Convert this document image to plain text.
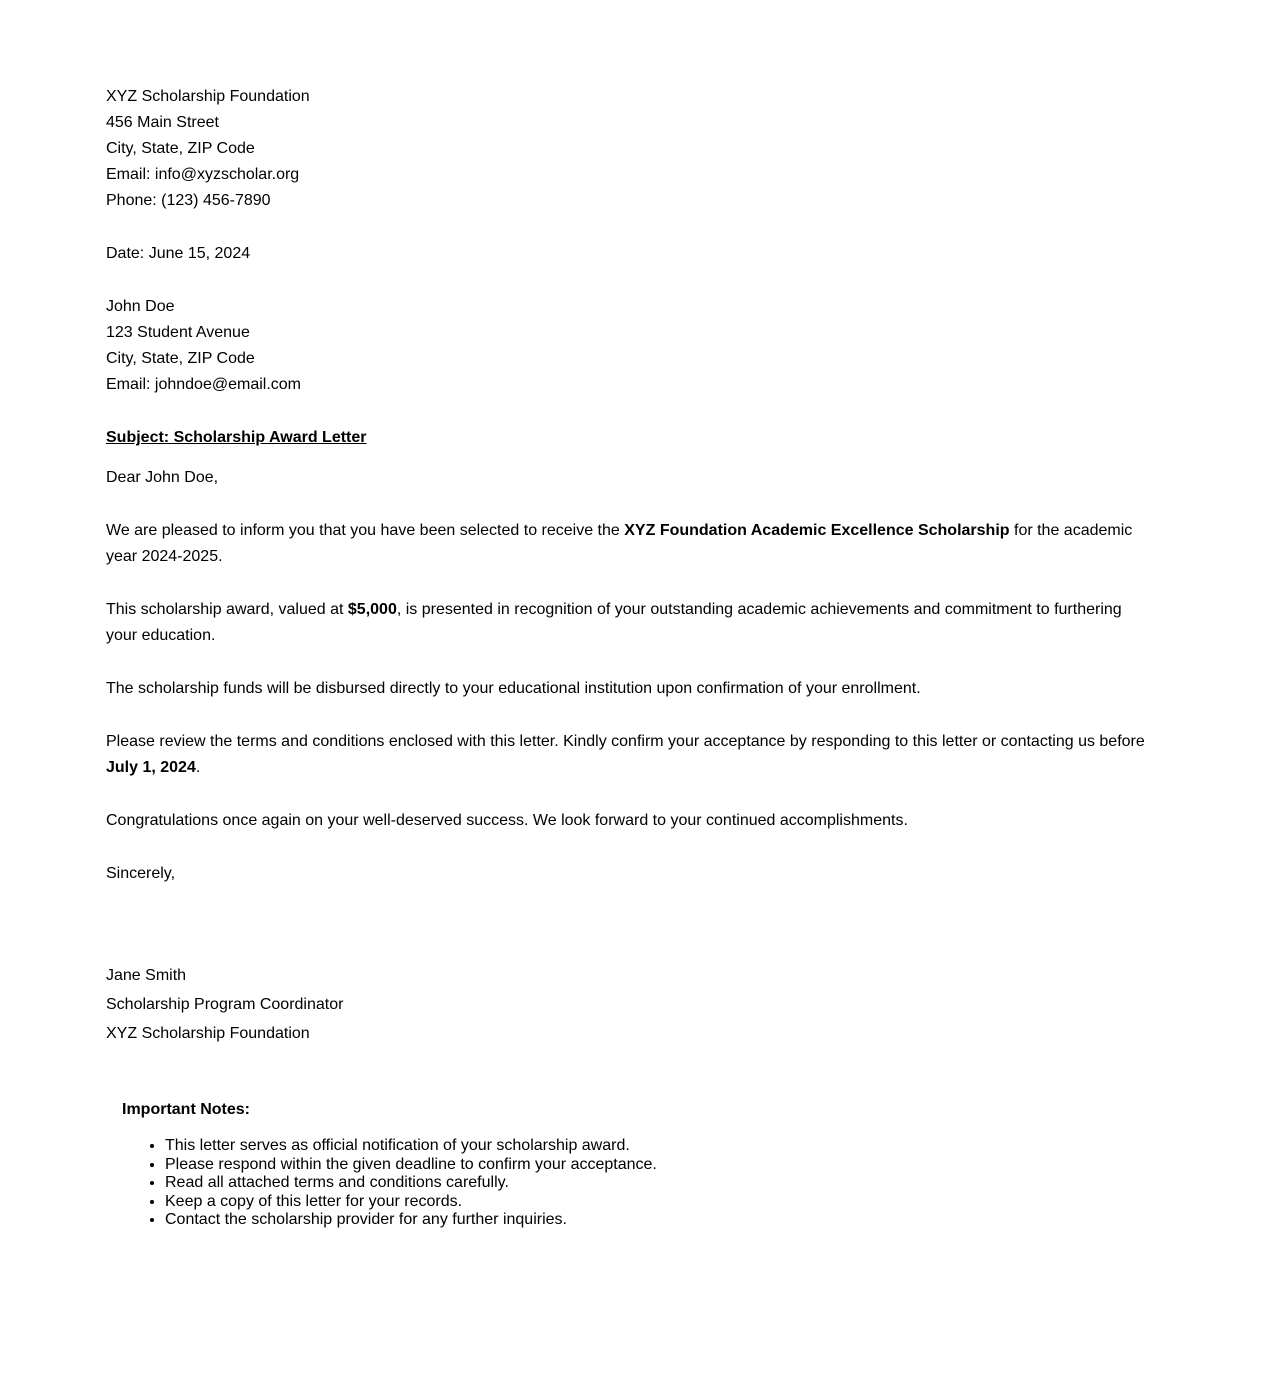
XYZ Scholarship Foundation
456 Main Street
City, State, ZIP Code
Email: info@xyzscholar.org
Phone: (123) 456-7890
Date: June 15, 2024
John Doe
123 Student Avenue
City, State, ZIP Code
Email: johndoe@email.com
Subject: Scholarship Award Letter
Dear John Doe,

We are pleased to inform you that you have been selected to receive the XYZ Foundation Academic Excellence Scholarship for the academic year 2024-2025.

This scholarship award, valued at $5,000, is presented in recognition of your outstanding academic achievements and commitment to furthering your education.

The scholarship funds will be disbursed directly to your educational institution upon confirmation of your enrollment.

Please review the terms and conditions enclosed with this letter. Kindly confirm your acceptance by responding to this letter or contacting us before July 1, 2024.

Congratulations once again on your well-deserved success. We look forward to your continued accomplishments.

Sincerely,
Jane Smith
Scholarship Program Coordinator
XYZ Scholarship Foundation
Important Notes:
• This letter serves as official notification of your scholarship award.
• Please respond within the given deadline to confirm your acceptance.
• Read all attached terms and conditions carefully.
• Keep a copy of this letter for your records.
• Contact the scholarship provider for any further inquiries.
